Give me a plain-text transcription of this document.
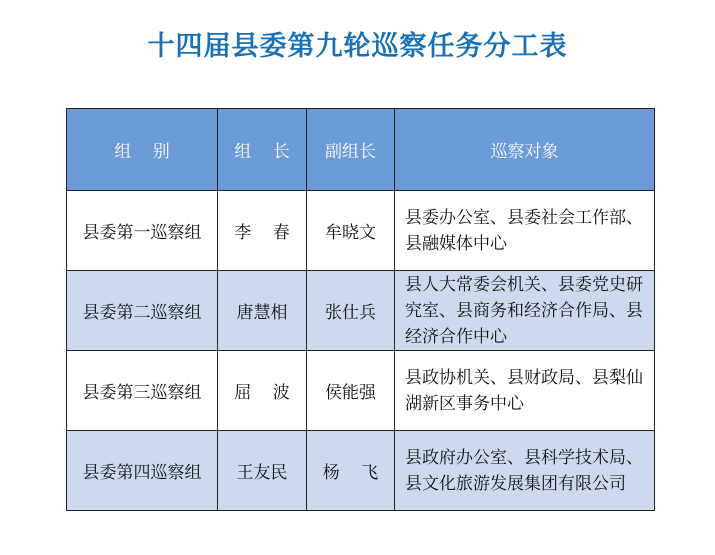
十四届县委第九轮巡察任务分工表
组    别	组    长	副组长	巡察对象
县委第一巡察组	李    春	牟晓文	县委办公室、县委社会工作部、县融媒体中心
县委第二巡察组	唐慧相	张仕兵	县人大常委会机关、县委党史研究室、县商务和经济合作局、县经济合作中心
县委第三巡察组	屈    波	侯能强	县政协机关、县财政局、县梨仙湖新区事务中心
县委第四巡察组	王友民	杨    飞	县政府办公室、县科学技术局、县文化旅游发展集团有限公司
